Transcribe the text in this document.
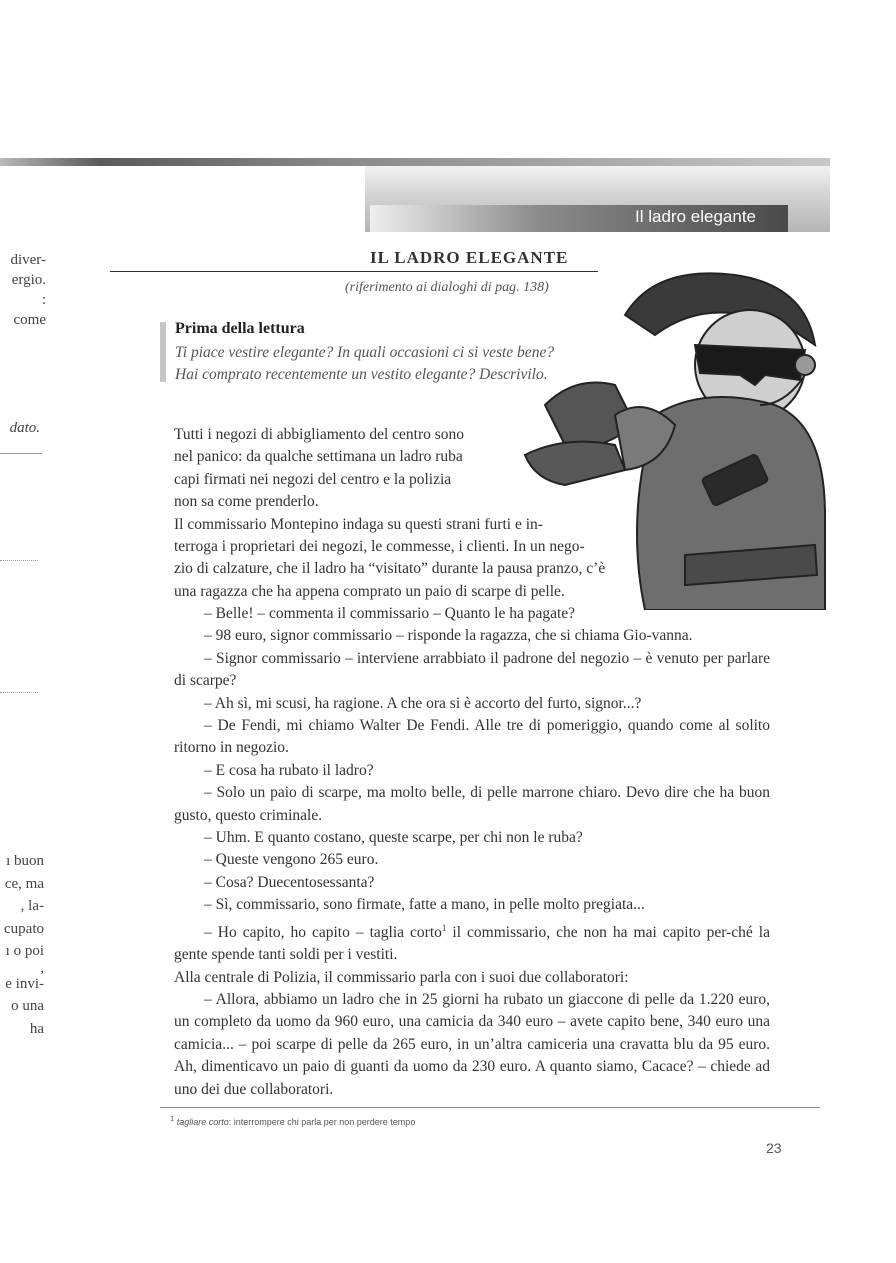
Il ladro elegante
diver-
ergio.
: come
dato.
ı buon
ce, ma
, la-
cupato
ı o poi
,
e invi-
o una
ha
IL LADRO ELEGANTE
(riferimento ai dialoghi di pag. 138)
Prima della lettura
Ti piace vestire elegante? In quali occasioni ci si veste bene?
Hai comprato recentemente un vestito elegante? Descrivilo.

Tutti i negozi di abbigliamento del centro sono

nel panico: da qualche settimana un ladro ruba

capi firmati nei negozi del centro e la polizia

non sa come prenderlo.

Il commissario Montepino indaga su questi strani furti e in-

terroga i proprietari dei negozi, le commesse, i clienti. In un nego-

zio di calzature, che il ladro ha “visitato” durante la pausa pranzo, c’è

una ragazza che ha appena comprato un paio di scarpe di pelle.

– Belle! – commenta il commissario – Quanto le ha pagate?

– 98 euro, signor commissario – risponde la ragazza, che si chiama Gio-vanna.

– Signor commissario – interviene arrabbiato il padrone del negozio – è venuto per parlare di scarpe?

– Ah sì, mi scusi, ha ragione. A che ora si è accorto del furto, signor...?

– De Fendi, mi chiamo Walter De Fendi. Alle tre di pomeriggio, quando come al solito ritorno in negozio.

– E cosa ha rubato il ladro?

– Solo un paio di scarpe, ma molto belle, di pelle marrone chiaro. Devo dire che ha buon gusto, questo criminale.

– Uhm. E quanto costano, queste scarpe, per chi non le ruba?

– Queste vengono 265 euro.

– Cosa? Duecentosessanta?

– Sì, commissario, sono firmate, fatte a mano, in pelle molto pregiata...

– Ho capito, ho capito – taglia corto$^1$ il commissario, che non ha mai capito per-ché la gente spende tanti soldi per i vestiti.

Alla centrale di Polizia, il commissario parla con i suoi due collaboratori:

– Allora, abbiamo un ladro che in 25 giorni ha rubato un giaccone di pelle da 1.220 euro, un completo da uomo da 960 euro, una camicia da 340 euro – avete capito bene, 340 euro una camicia... – poi scarpe di pelle da 265 euro, in un’altra camiceria una cravatta blu da 95 euro. Ah, dimenticavo un paio di guanti da uomo da 230 euro. A quanto siamo, Cacace? – chiede ad uno dei due collaboratori.

$^1$ tagliare corto: interrompere chi parla per non perdere tempo
23
